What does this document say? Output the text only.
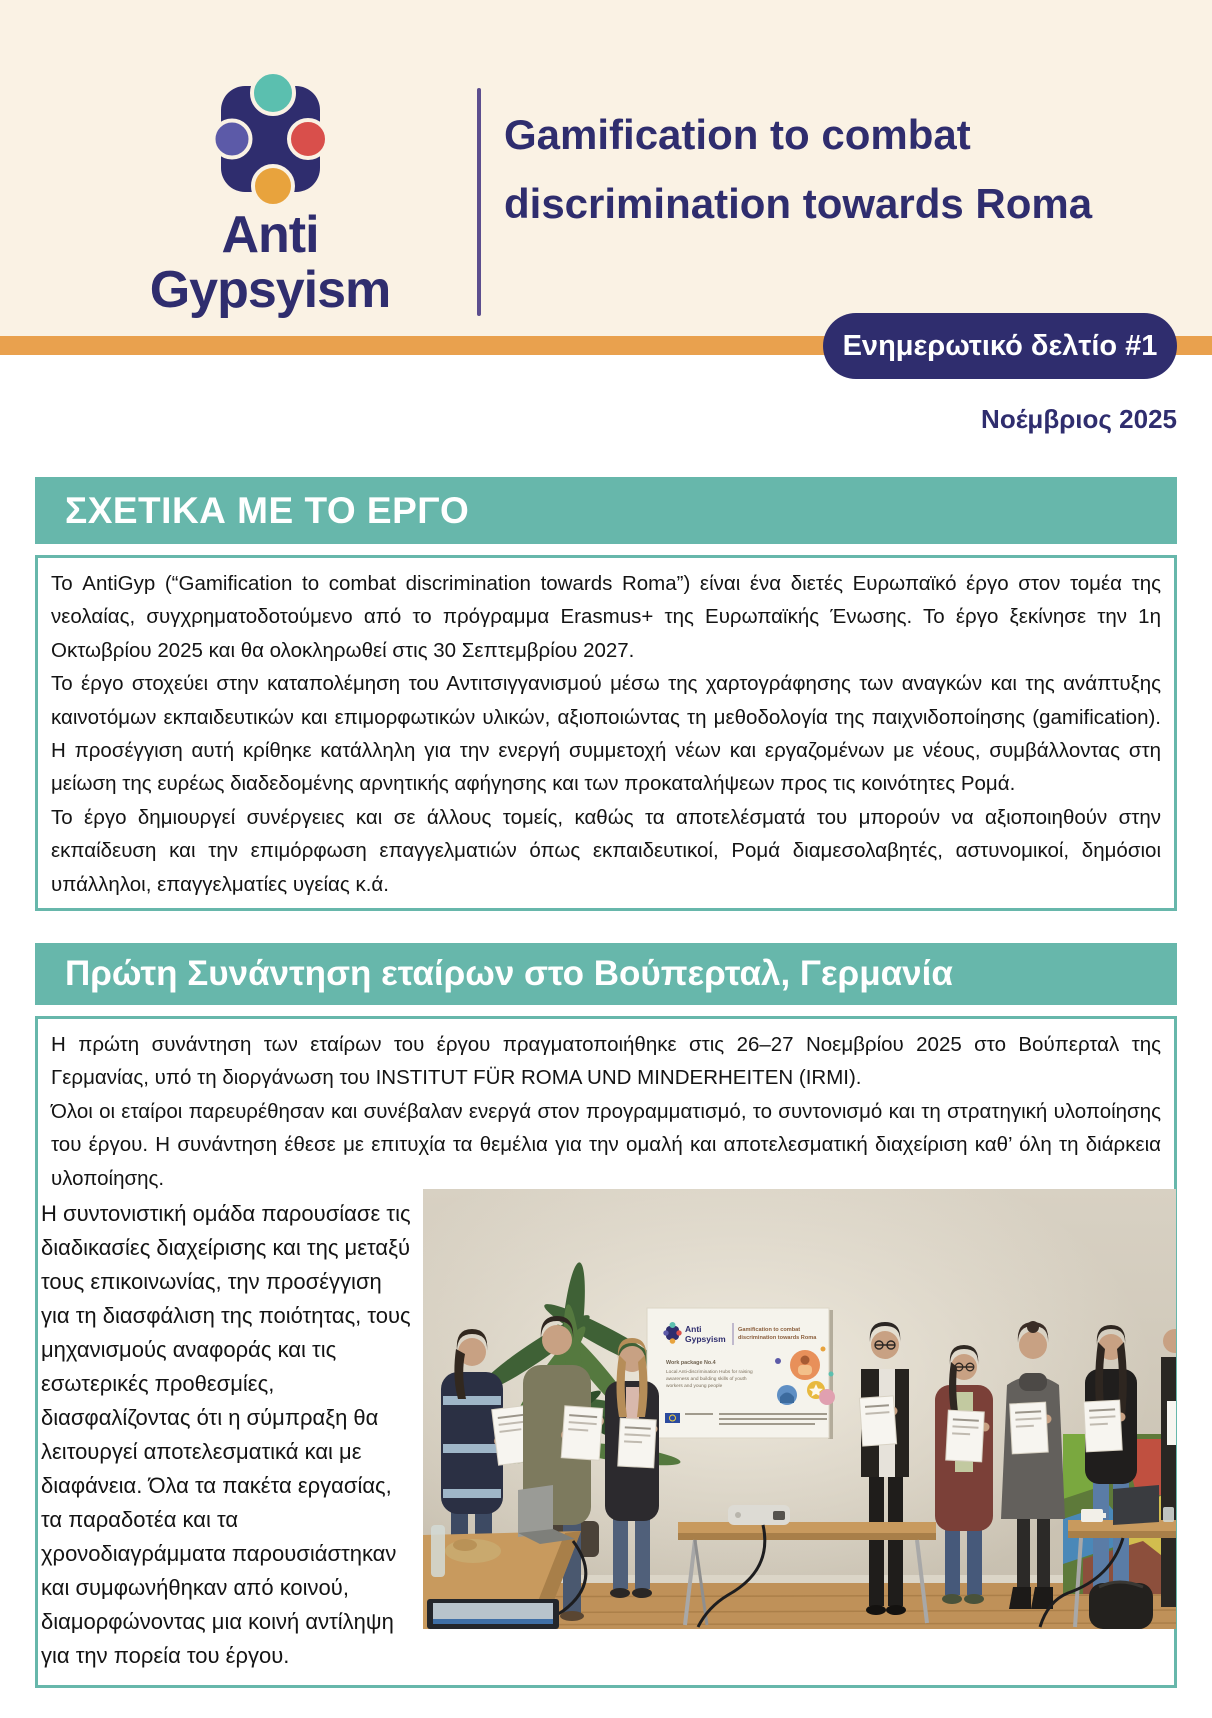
Anti
Gypsyism
Gamification to combat
discrimination towards Roma
Ενημερωτικό δελτίο #1
Νοέμβριος 2025
ΣΧΕΤΙΚΑ ΜΕ ΤΟ ΕΡΓΟ

Το AntiGyp (“Gamification to combat discrimination towards Roma”) είναι ένα διετές Ευρωπαϊκό έργο στον τομέα της νεολαίας, συγχρηματοδοτούμενο από το πρόγραμμα Erasmus+ της Ευρωπαϊκής Ένωσης. Το έργο ξεκίνησε την 1η Οκτωβρίου 2025 και θα ολοκληρωθεί στις 30 Σεπτεμβρίου 2027.

Το έργο στοχεύει στην καταπολέμηση του Αντιτσιγγανισμού μέσω της χαρτογράφησης των αναγκών και της ανάπτυξης καινοτόμων εκπαιδευτικών και επιμορφωτικών υλικών, αξιοποιώντας τη μεθοδολογία της παιχνιδοποίησης (gamification). Η προσέγγιση αυτή κρίθηκε κατάλληλη για την ενεργή συμμετοχή νέων και εργαζομένων με νέους, συμβάλλοντας στη μείωση της ευρέως διαδεδομένης αρνητικής αφήγησης και των προκαταλήψεων προς τις κοινότητες Ρομά.

Το έργο δημιουργεί συνέργειες και σε άλλους τομείς, καθώς τα αποτελέσματά του μπορούν να αξιοποιηθούν στην εκπαίδευση και την επιμόρφωση επαγγελματιών όπως εκπαιδευτικοί, Ρομά διαμεσολαβητές, αστυνομικοί, δημόσιοι υπάλληλοι, επαγγελματίες υγείας κ.ά.

Πρώτη Συνάντηση εταίρων στο Βούπερταλ, Γερμανία

Η πρώτη συνάντηση των εταίρων του έργου πραγματοποιήθηκε στις 26–27 Νοεμβρίου 2025 στο Βούπερταλ της Γερμανίας, υπό τη διοργάνωση του INSTITUT FÜR ROMA UND MINDERHEITEN (IRMI).

Όλοι οι εταίροι παρευρέθησαν και συνέβαλαν ενεργά στον προγραμματισμό, το συντονισμό και τη στρατηγική υλοποίησης του έργου. Η συνάντηση έθεσε με επιτυχία τα θεμέλια για την ομαλή και αποτελεσματική διαχείριση καθ’ όλη τη διάρκεια υλοποίησης.

Η συντονιστική ομάδα παρουσίασε τις διαδικασίες διαχείρισης και της μεταξύ τους επικοινωνίας, την προσέγγιση για τη διασφάλιση της ποιότητας, τους μηχανισμούς αναφοράς και τις εσωτερικές προθεσμίες, διασφαλίζοντας ότι η σύμπραξη θα λειτουργεί αποτελεσματικά και με διαφάνεια. Όλα τα πακέτα εργασίας, τα παραδοτέα και τα χρονοδιαγράμματα παρουσιάστηκαν και συμφωνήθηκαν από κοινού, διαμορφώνοντας μια κοινή αντίληψη για την πορεία του έργου.
Anti
Gypsyism
Gamification to combat
discrimination towards Roma
Work package No.4
Local Anti-discrimination Hubs for raising
awareness and building skills of youth
workers and young people
